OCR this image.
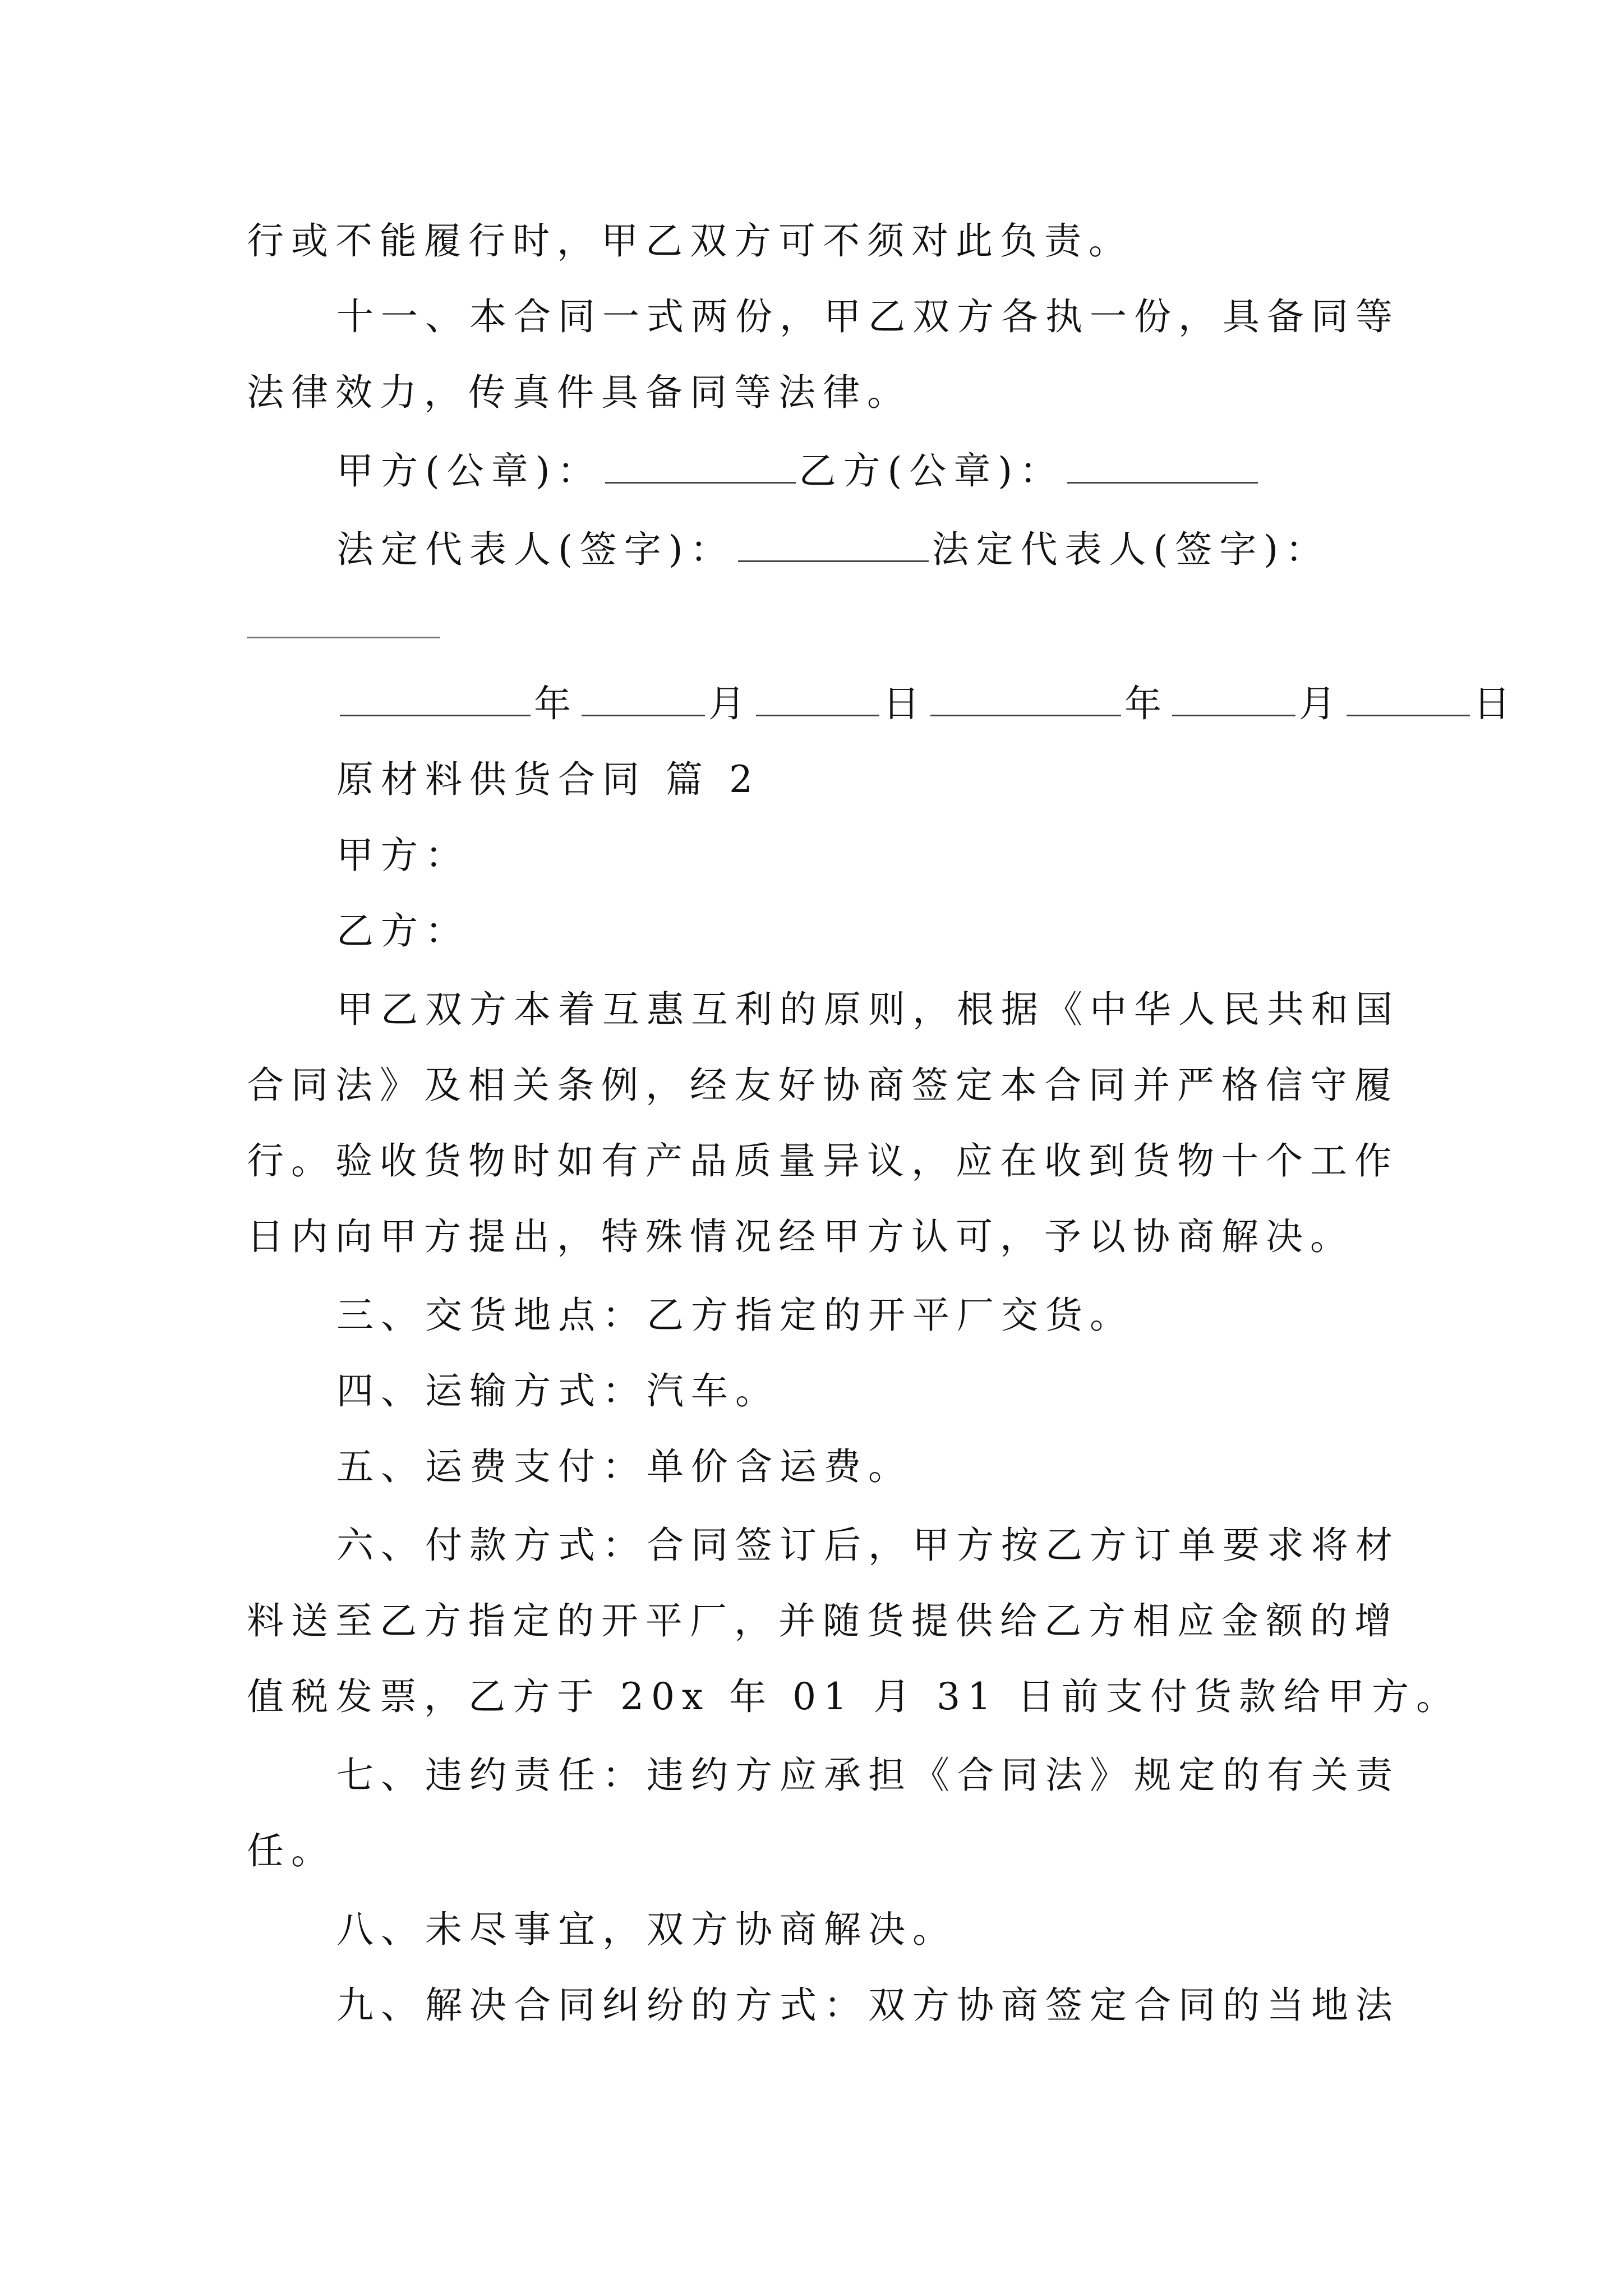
行或不能履行时，甲乙双方可不须对此负责。
十一、本合同一式两份，甲乙双方各执一份，具备同等
法律效力，传真件具备同等法律。
甲方(公章)：	乙方(公章)：
法定代表人(签字)：	法定代表人(签字)：
年	月	日	年	月	日
原材料供货合同 篇 2
甲方：
乙方：
甲乙双方本着互惠互利的原则，根据《中华人民共和国
合同法》及相关条例，经友好协商签定本合同并严格信守履
行。验收货物时如有产品质量异议，应在收到货物十个工作
日内向甲方提出，特殊情况经甲方认可，予以协商解决。
三、交货地点：乙方指定的开平厂交货。
四、运输方式：汽车。
五、运费支付：单价含运费。
六、付款方式：合同签订后，甲方按乙方订单要求将材
料送至乙方指定的开平厂，并随货提供给乙方相应金额的增
值税发票，乙方于 20x 年 01 月 31 日前支付货款给甲方。
七、违约责任：违约方应承担《合同法》规定的有关责
任。
八、未尽事宜，双方协商解决。
九、解决合同纠纷的方式：双方协商签定合同的当地法
